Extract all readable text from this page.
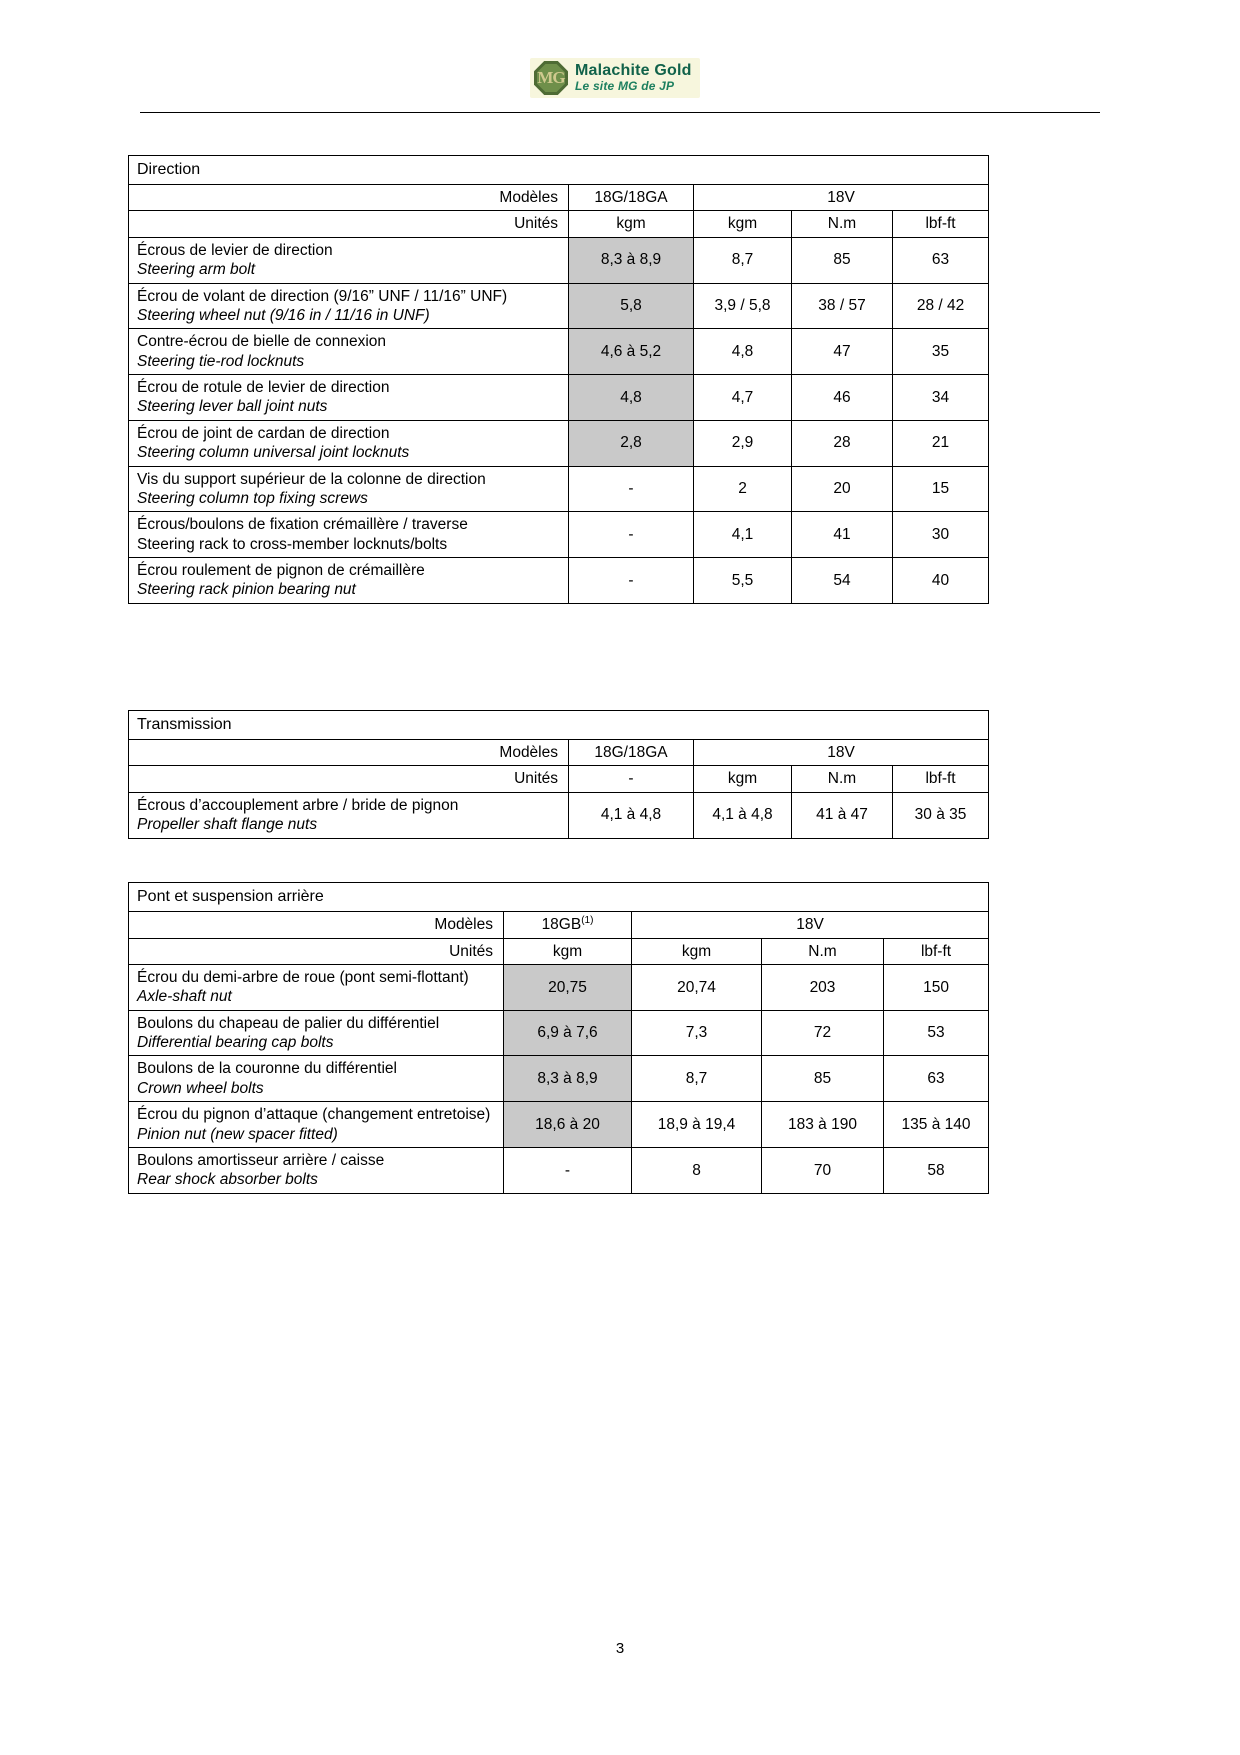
MG Malachite Gold
Le site MG de JP
Direction				
Modèles	18G/18GA	18V		
Unités	kgm	kgm	N.m	lbf-ft

Écrous de levier de direction
Steering arm bolt	8,3 à 8,9	8,7	85	63

Écrou de volant de direction (9/16” UNF / 11/16” UNF)
Steering wheel nut (9/16 in / 11/16 in UNF)	5,8	3,9 / 5,8	38 / 57	28 / 42

Contre-écrou de bielle de connexion
Steering tie-rod locknuts	4,6 à 5,2	4,8	47	35

Écrou de rotule de levier de direction
Steering lever ball joint nuts	4,8	4,7	46	34

Écrou de joint de cardan de direction
Steering column universal joint locknuts	2,8	2,9	28	21

Vis du support supérieur de la colonne de direction
Steering column top fixing screws	-	2	20	15

Écrous/boulons de fixation crémaillère / traverse
Steering rack to cross-member locknuts/bolts	-	4,1	41	30

Écrou roulement de pignon de crémaillère
Steering rack pinion bearing nut	-	5,5	54	40
Transmission				
Modèles	18G/18GA	18V		
Unités	-	kgm	N.m	lbf-ft

Écrous d’accouplement arbre / bride de pignon
Propeller shaft flange nuts	4,1 à 4,8	4,1 à 4,8	41 à 47	30 à 35
Pont et suspension arrière				
Modèles	18GB$^{(1)}$	18V		
Unités	kgm	kgm	N.m	lbf-ft

Écrou du demi-arbre de roue (pont semi-flottant)
Axle-shaft nut	20,75	20,74	203	150

Boulons du chapeau de palier du différentiel
Differential bearing cap bolts	6,9 à 7,6	7,3	72	53

Boulons de la couronne du différentiel
Crown wheel bolts	8,3 à 8,9	8,7	85	63

Écrou du pignon d’attaque (changement entretoise)
Pinion nut (new spacer fitted)	18,6 à 20	18,9 à 19,4	183 à 190	135 à 140

Boulons amortisseur arrière / caisse
Rear shock absorber bolts	-	8	70	58
3
